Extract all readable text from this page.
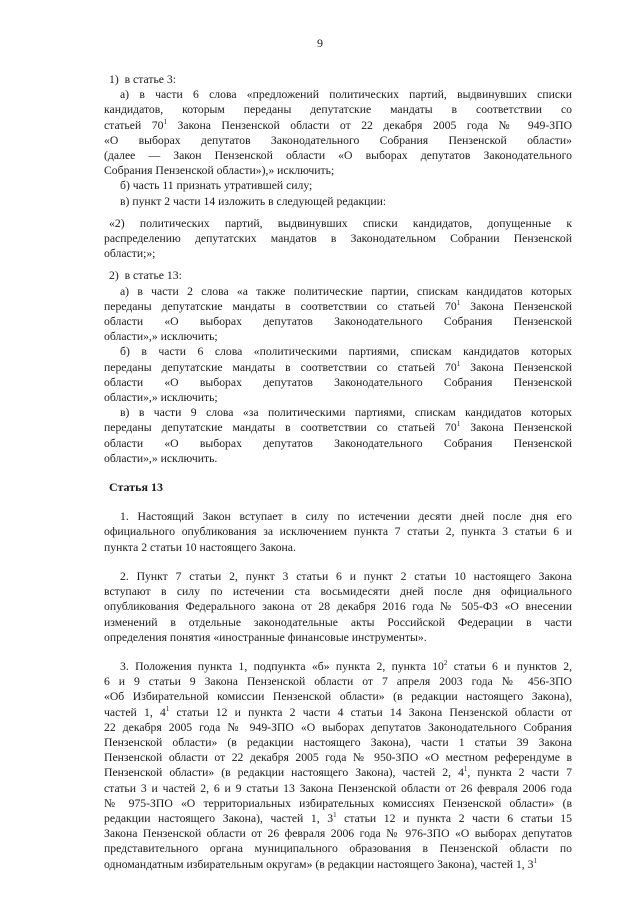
9
1)  в статье 3:
а) в части 6 слова «предложений политических партий, выдвинувших списки
кандидатов, которым переданы депутатские мандаты в соответствии со
статьей $70^1$ Закона Пензенской области от 22 декабря 2005 года № 949-ЗПО
«О выборах депутатов Законодательного Собрания Пензенской области»
(далее — Закон Пензенской области «О выборах депутатов Законодательного
Собрания Пензенской области»),» исключить;
б) часть 11 признать утратившей силу;
в) пункт 2 части 14 изложить в следующей редакции:
«2) политических партий, выдвинувших списки кандидатов, допущенные к
распределению депутатских мандатов в Законодательном Собрании Пензенской
области;»;
2)  в статье 13:
а) в части 2 слова «а также политические партии, спискам кандидатов которых
переданы депутатские мандаты в соответствии со статьей $70^1$ Закона Пензенской
области «О выборах депутатов Законодательного Собрания Пензенской
области»,» исключить;
б) в части 6 слова «политическими партиями, спискам кандидатов которых
переданы депутатские мандаты в соответствии со статьей $70^1$ Закона Пензенской
области «О выборах депутатов Законодательного Собрания Пензенской
области»,» исключить;
в) в части 9 слова «за политическими партиями, спискам кандидатов которых
переданы депутатские мандаты в соответствии со статьей $70^1$ Закона Пензенской
области «О выборах депутатов Законодательного Собрания Пензенской
области»,» исключить.
Статья 13
1. Настоящий Закон вступает в силу по истечении десяти дней после дня его
официального опубликования за исключением пункта 7 статьи 2, пункта 3 статьи 6 и
пункта 2 статьи 10 настоящего Закона.
2. Пункт 7 статьи 2, пункт 3 статьи 6 и пункт 2 статьи 10 настоящего Закона
вступают в силу по истечении ста восьмидесяти дней после дня официального
опубликования Федерального закона от 28 декабря 2016 года № 505-ФЗ «О внесении
изменений в отдельные законодательные акты Российской Федерации в части
определения понятия «иностранные финансовые инструменты».
3. Положения пункта 1, подпункта «б» пункта 2, пункта $10^2$ статьи 6 и пунктов 2,
6 и 9 статьи 9 Закона Пензенской области от 7 апреля 2003 года № 456-ЗПО
«Об Избирательной комиссии Пензенской области» (в редакции настоящего Закона),
частей 1, $4^1$ статьи 12 и пункта 2 части 4 статьи 14 Закона Пензенской области от
22 декабря 2005 года № 949-ЗПО «О выборах депутатов Законодательного Собрания
Пензенской области» (в редакции настоящего Закона), части 1 статьи 39 Закона
Пензенской области от 22 декабря 2005 года № 950-ЗПО «О местном референдуме в
Пензенской области» (в редакции настоящего Закона), частей 2, $4^1$, пункта 2 части 7
статьи 3 и частей 2, 6 и 9 статьи 13 Закона Пензенской области от 26 февраля 2006 года
№ 975-ЗПО «О территориальных избирательных комиссиях Пензенской области» (в
редакции настоящего Закона), частей 1, $3^1$ статьи 12 и пункта 2 части 6 статьи 15
Закона Пензенской области от 26 февраля 2006 года № 976-ЗПО «О выборах депутатов
представительного органа муниципального образования в Пензенской области по
одномандатным избирательным округам» (в редакции настоящего Закона), частей 1, $3^1$
